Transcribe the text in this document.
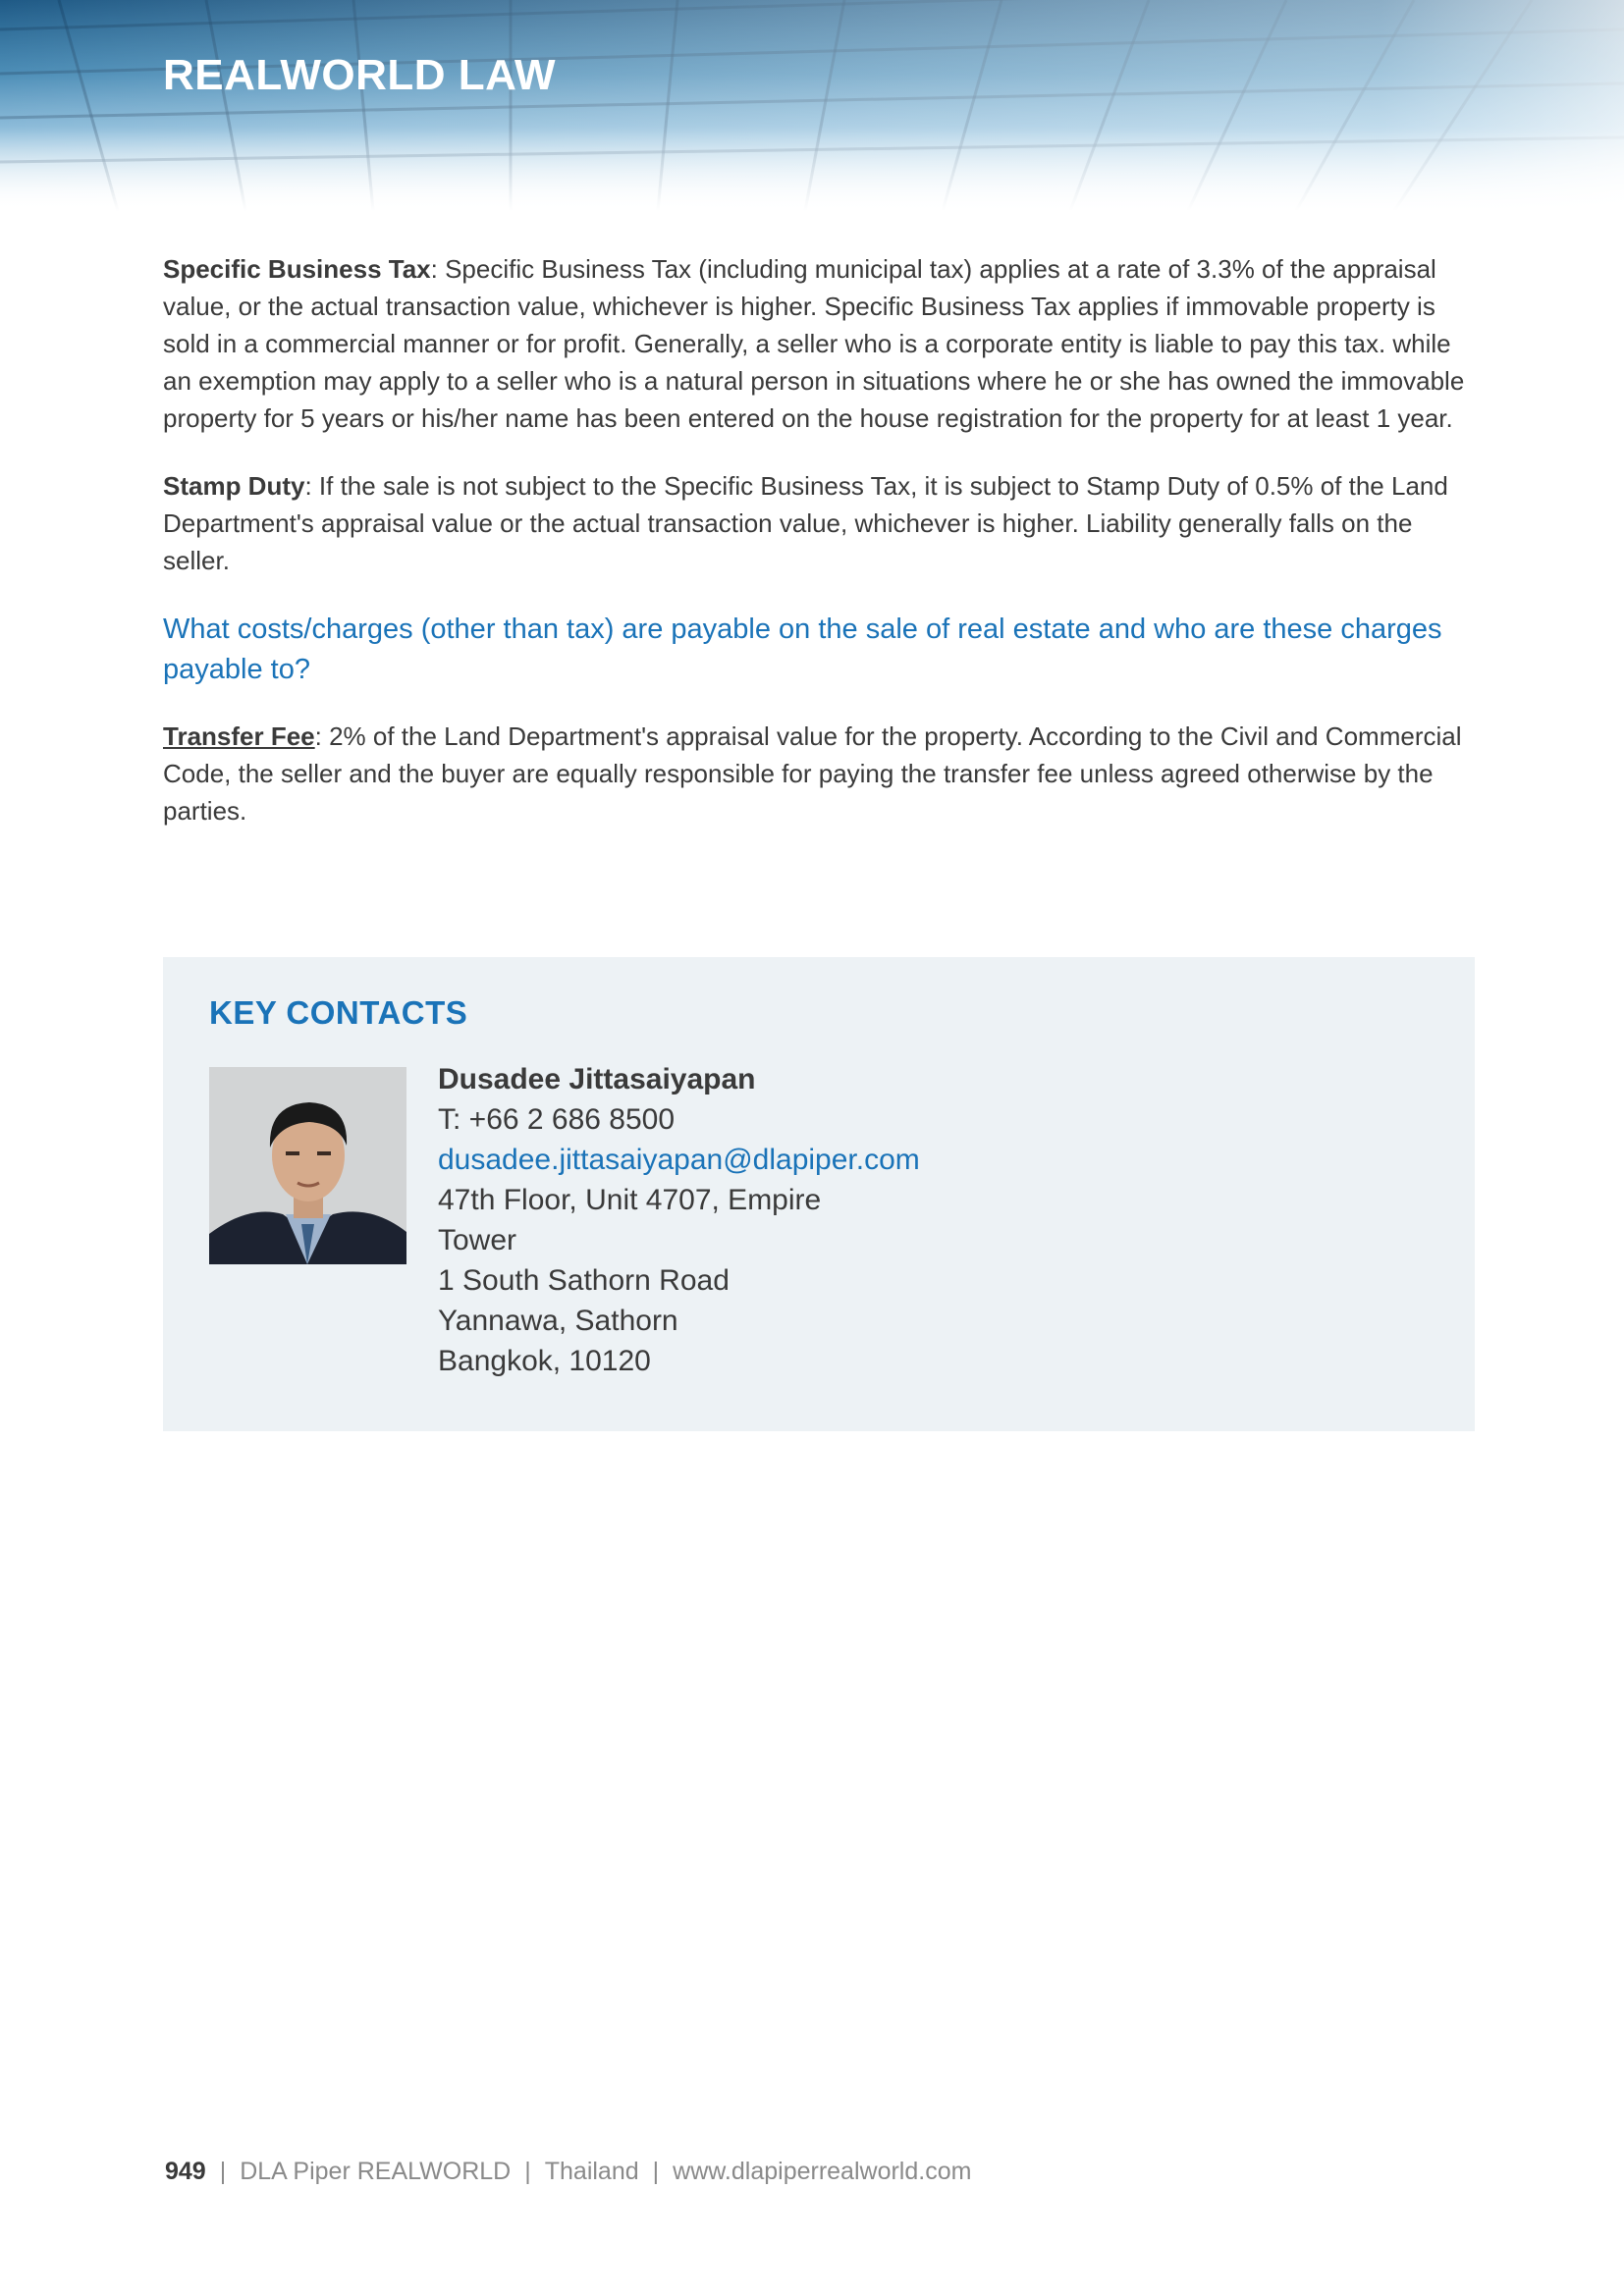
REALWORLD LAW

Specific Business Tax: Specific Business Tax (including municipal tax) applies at a rate of 3.3% of the appraisal value, or the actual transaction value, whichever is higher. Specific Business Tax applies if immovable property is sold in a commercial manner or for profit. Generally, a seller who is a corporate entity is liable to pay this tax. while an exemption may apply to a seller who is a natural person in situations where he or she has owned the immovable property for 5 years or his/her name has been entered on the house registration for the property for at least 1 year.

Stamp Duty: If the sale is not subject to the Specific Business Tax, it is subject to Stamp Duty of 0.5% of the Land Department's appraisal value or the actual transaction value, whichever is higher. Liability generally falls on the seller.

What costs/charges (other than tax) are payable on the sale of real estate and who are these charges payable to?

Transfer Fee: 2% of the Land Department's appraisal value for the property. According to the Civil and Commercial Code, the seller and the buyer are equally responsible for paying the transfer fee unless agreed otherwise by the parties.

KEY CONTACTS
Dusadee Jittasaiyapan
T: +66 2 686 8500
dusadee.jittasaiyapan@dlapiper.com
47th Floor, Unit 4707, Empire
Tower
1 South Sathorn Road
Yannawa, Sathorn
Bangkok, 10120
949 | DLA Piper REALWORLD | Thailand | www.dlapiperrealworld.com
